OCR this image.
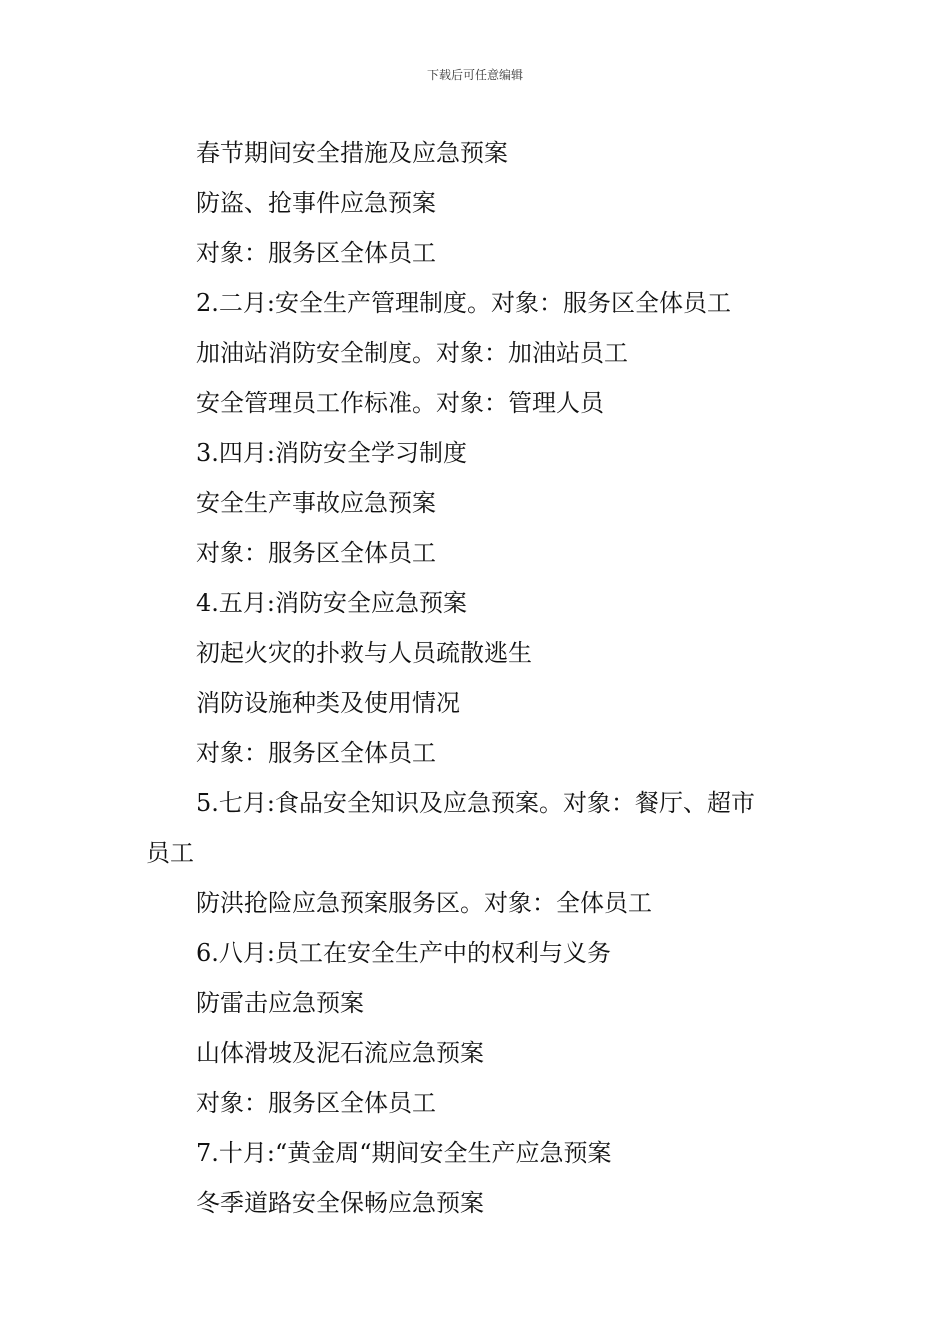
下载后可任意编辑
春节期间安全措施及应急预案
防盗、抢事件应急预案
对象：服务区全体员工
2.二月:安全生产管理制度。对象：服务区全体员工
加油站消防安全制度。对象：加油站员工
安全管理员工作标准。对象：管理人员
3.四月:消防安全学习制度
安全生产事故应急预案
对象：服务区全体员工
4.五月:消防安全应急预案
初起火灾的扑救与人员疏散逃生
消防设施种类及使用情况
对象：服务区全体员工
5.七月:食品安全知识及应急预案。对象：餐厅、超市
员工
防洪抢险应急预案服务区。对象：全体员工
6.八月:员工在安全生产中的权利与义务
防雷击应急预案
山体滑坡及泥石流应急预案
对象：服务区全体员工
7.十月:“黄金周“期间安全生产应急预案
冬季道路安全保畅应急预案
